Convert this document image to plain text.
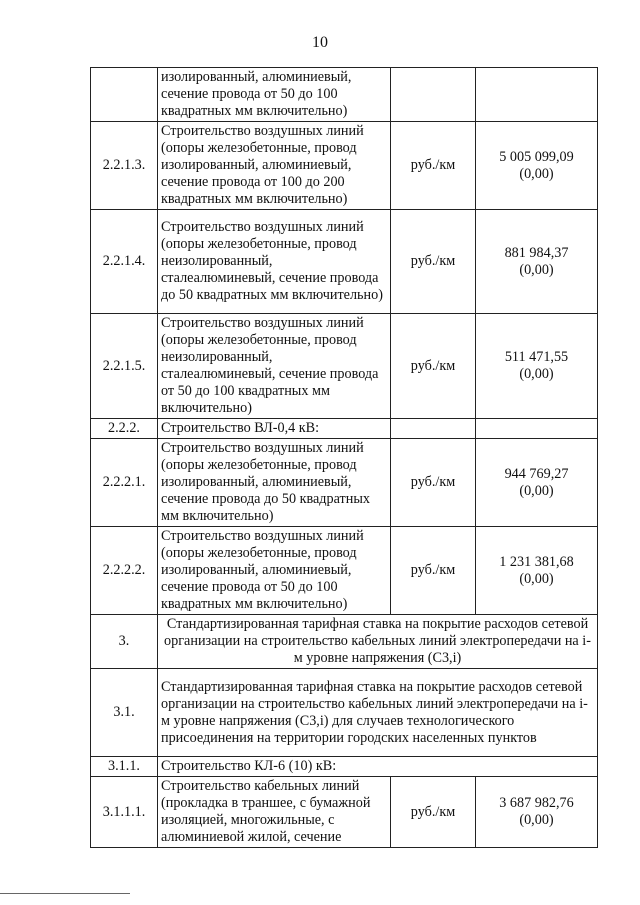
10
	изолированный, алюминиевый, сечение провода от 50 до 100 квадратных мм включительно)		

2.2.1.3.	Строительство воздушных линий (опоры железобетонные, провод изолированный, алюминиевый, сечение провода от 100 до 200 квадратных мм включительно)	руб./км	5 005 099,09
(0,00)

2.2.1.4.	Строительство воздушных линий (опоры железобетонные, провод неизолированный, сталеалюминевый, сечение провода до 50 квадратных мм включительно)	руб./км	881 984,37
(0,00)

2.2.1.5.	Строительство воздушных линий (опоры железобетонные, провод неизолированный, сталеалюминевый, сечение провода от 50 до 100 квадратных мм включительно)	руб./км	511 471,55
(0,00)

2.2.2.	Строительство ВЛ-0,4 кВ:		

2.2.2.1.	Строительство воздушных линий (опоры железобетонные, провод изолированный, алюминиевый, сечение провода до 50 квадратных мм включительно)	руб./км	944 769,27
(0,00)

2.2.2.2.	Строительство воздушных линий (опоры железобетонные, провод изолированный, алюминиевый, сечение провода от 50 до 100 квадратных мм включительно)	руб./км	1 231 381,68
(0,00)

3.	Стандартизированная тарифная ставка на покрытие расходов сетевой организации на строительство кабельных линий электропередачи на i-м уровне напряжения (С3,i)		
3.1.	Стандартизированная тарифная ставка на покрытие расходов сетевой организации на строительство кабельных линий электропередачи на i-м уровне напряжения (С3,i) для случаев технологического присоединения на территории городских населенных пунктов		
3.1.1.	Строительство КЛ-6 (10) кВ:		
3.1.1.1.	Строительство кабельных линий (прокладка в траншее, с бумажной изоляцией, многожильные, с алюминиевой жилой, сечение	руб./км	3 687 982,76
(0,00)
